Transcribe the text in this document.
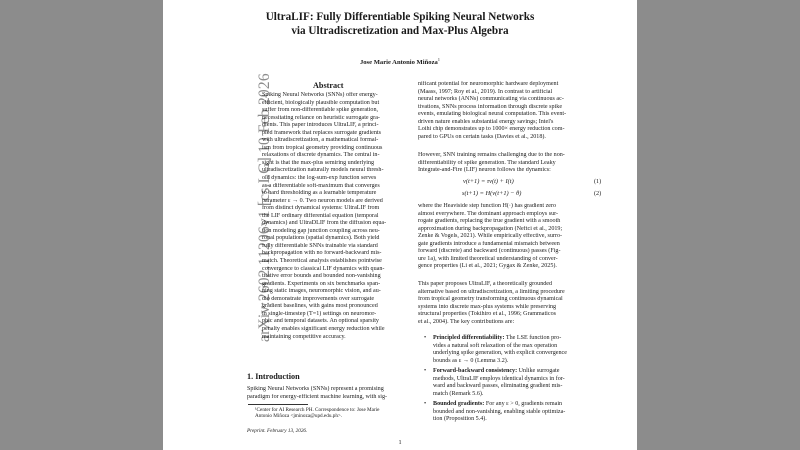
arXiv:2602.11206v1 [cs.LG] 10 Feb 2026
UltraLIF: Fully Differentiable Spiking Neural Networks
via Ultradiscretization and Max-Plus Algebra
Jose Marie Antonio Miñoza$^1$
Abstract
Spiking Neural Networks (SNNs) offer energy-
efficient, biologically plausible computation but
suffer from non-differentiable spike generation,
necessitating reliance on heuristic surrogate gra-
dients. This paper introduces UltraLIF, a princi-
pled framework that replaces surrogate gradients
with ultradiscretization, a mathematical formal-
ism from tropical geometry providing continuous
relaxations of discrete dynamics. The central in-
sight is that the max-plus semiring underlying
ultradiscretization naturally models neural thresh-
old dynamics: the log-sum-exp function serves
as a differentiable soft-maximum that converges
to hard thresholding as a learnable temperature
parameter ε → 0. Two neuron models are derived
from distinct dynamical systems: UltraLIF from
the LIF ordinary differential equation (temporal
dynamics) and UltraDLIF from the diffusion equa-
tion modeling gap junction coupling across neu-
ronal populations (spatial dynamics). Both yield
fully differentiable SNNs trainable via standard
backpropagation with no forward-backward mis-
match. Theoretical analysis establishes pointwise
convergence to classical LIF dynamics with quan-
titative error bounds and bounded non-vanishing
gradients. Experiments on six benchmarks span-
ning static images, neuromorphic vision, and au-
dio demonstrate improvements over surrogate
gradient baselines, with gains most pronounced
in single-timestep (T=1) settings on neuromor-
phic and temporal datasets. An optional sparsity
penalty enables significant energy reduction while
maintaining competitive accuracy.
1. Introduction
Spiking Neural Networks (SNNs) represent a promising
paradigm for energy-efficient machine learning, with sig-
¹Center for AI Research PH. Correspondence to: Jose Marie
Antonio Miñoza <jminoza@upd.edu.ph>.
Preprint. February 13, 2026.
nificant potential for neuromorphic hardware deployment
(Maass, 1997; Roy et al., 2019). In contrast to artificial
neural networks (ANNs) communicating via continuous ac-
tivations, SNNs process information through discrete spike
events, emulating biological neural computation. This event-
driven nature enables substantial energy savings; Intel's
Loihi chip demonstrates up to 1000× energy reduction com-
pared to GPUs on certain tasks (Davies et al., 2018).
However, SNN training remains challenging due to the non-
differentiability of spike generation. The standard Leaky
Integrate-and-Fire (LIF) neuron follows the dynamics:
v(t+1) = τv(t) + I(t)	(1)
s(t+1) = H(v(t+1) − θ)	(2)
where the Heaviside step function H(·) has gradient zero
almost everywhere. The dominant approach employs sur-
rogate gradients, replacing the true gradient with a smooth
approximation during backpropagation (Neftci et al., 2019;
Zenke & Vogels, 2021). While empirically effective, surro-
gate gradients introduce a fundamental mismatch between
forward (discrete) and backward (continuous) passes (Fig-
ure 1a), with limited theoretical understanding of conver-
gence properties (Li et al., 2021; Gygax & Zenke, 2025).
This paper proposes UltraLIF, a theoretically grounded
alternative based on ultradiscretization, a limiting procedure
from tropical geometry transforming continuous dynamical
systems into discrete max-plus systems while preserving
structural properties (Tokihiro et al., 1996; Grammaticos
et al., 2004). The key contributions are:
• Principled differentiability: The LSE function pro-
vides a natural soft relaxation of the max operation
underlying spike generation, with explicit convergence
bounds as ε → 0 (Lemma 3.2).
• Forward-backward consistency: Unlike surrogate
methods, UltraLIF employs identical dynamics in for-
ward and backward passes, eliminating gradient mis-
match (Remark 5.6).
• Bounded gradients: For any ε > 0, gradients remain
bounded and non-vanishing, enabling stable optimiza-
tion (Proposition 5.4).
1
